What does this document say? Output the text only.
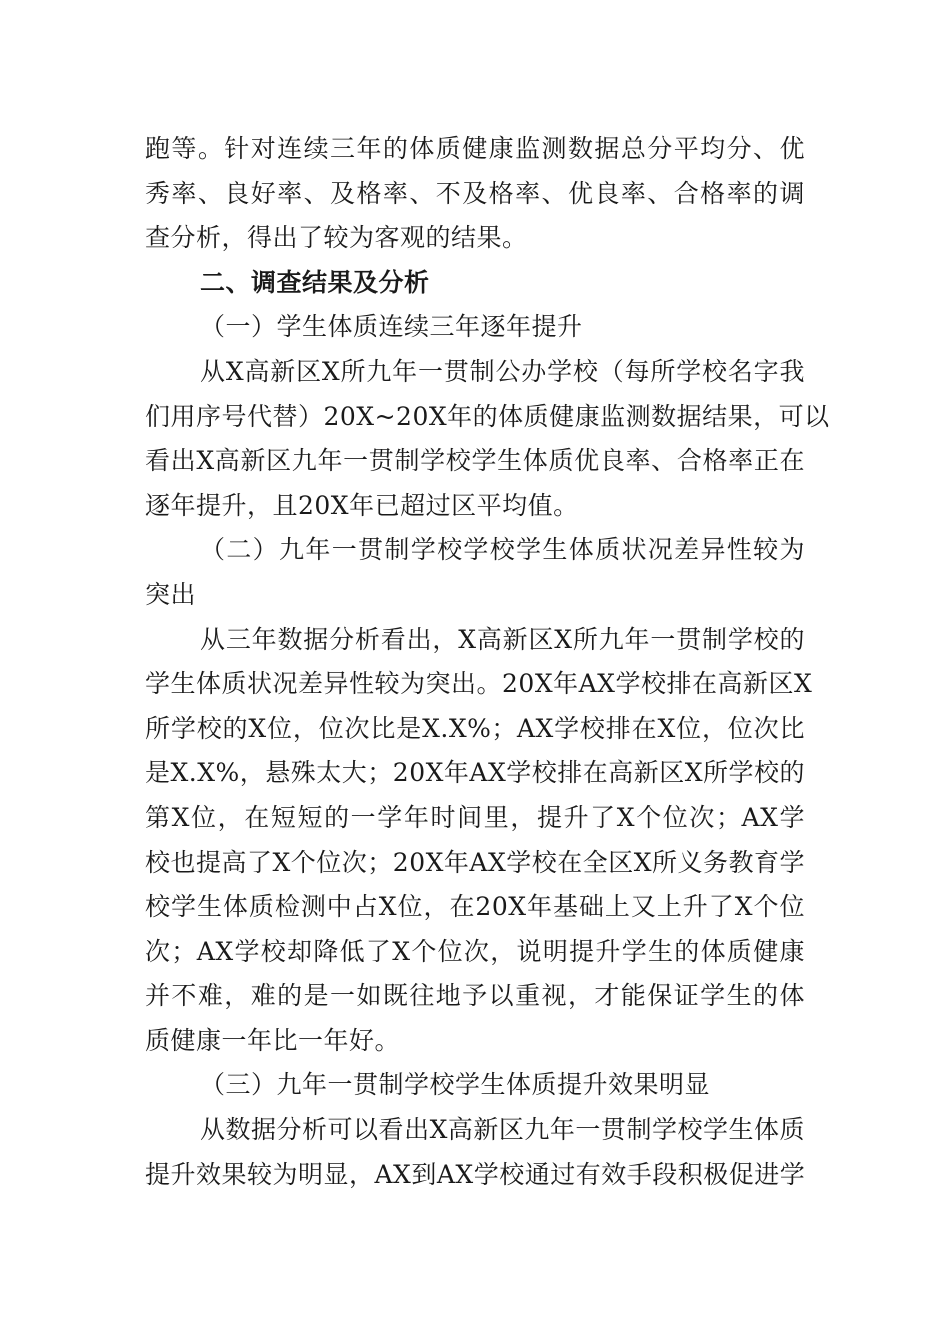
跑等。针对连续三年的体质健康监测数据总分平均分、优
秀率、良好率、及格率、不及格率、优良率、合格率的调
查分析，得出了较为客观的结果。
二、调查结果及分析
（一）学生体质连续三年逐年提升
从X高新区X所九年一贯制公办学校（每所学校名字我
们用序号代替）20X~20X年的体质健康监测数据结果，可以
看出X高新区九年一贯制学校学生体质优良率、合格率正在
逐年提升，且20X年已超过区平均值。
（二）九年一贯制学校学校学生体质状况差异性较为
突出
从三年数据分析看出，X高新区X所九年一贯制学校的
学生体质状况差异性较为突出。20X年AX学校排在高新区X
所学校的X位，位次比是X.X%；AX学校排在X位，位次比
是X.X%，悬殊太大；20X年AX学校排在高新区X所学校的
第X位，在短短的一学年时间里，提升了X个位次；AX学
校也提高了X个位次；20X年AX学校在全区X所义务教育学
校学生体质检测中占X位，在20X年基础上又上升了X个位
次；AX学校却降低了X个位次，说明提升学生的体质健康
并不难，难的是一如既往地予以重视，才能保证学生的体
质健康一年比一年好。
（三）九年一贯制学校学生体质提升效果明显
从数据分析可以看出X高新区九年一贯制学校学生体质
提升效果较为明显，AX到AX学校通过有效手段积极促进学
